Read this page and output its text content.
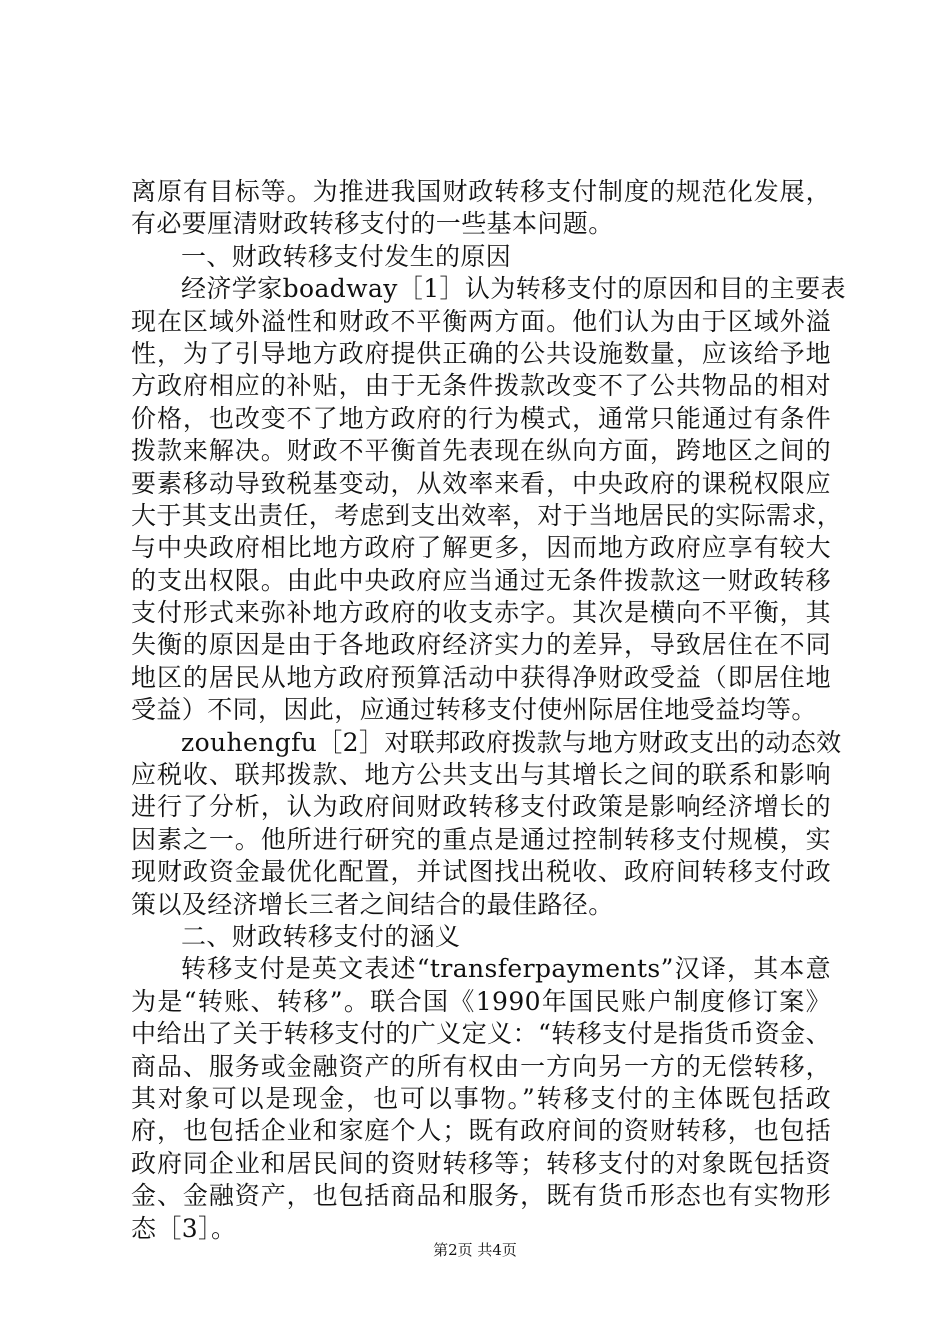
离原有目标等。为推进我国财政转移支付制度的规范化发展，
有必要厘清财政转移支付的一些基本问题。
一、财政转移支付发生的原因
经济学家boadway［1］认为转移支付的原因和目的主要表
现在区域外溢性和财政不平衡两方面。他们认为由于区域外溢
性，为了引导地方政府提供正确的公共设施数量，应该给予地
方政府相应的补贴，由于无条件拨款改变不了公共物品的相对
价格，也改变不了地方政府的行为模式，通常只能通过有条件
拨款来解决。财政不平衡首先表现在纵向方面，跨地区之间的
要素移动导致税基变动，从效率来看，中央政府的课税权限应
大于其支出责任，考虑到支出效率，对于当地居民的实际需求，
与中央政府相比地方政府了解更多，因而地方政府应享有较大
的支出权限。由此中央政府应当通过无条件拨款这一财政转移
支付形式来弥补地方政府的收支赤字。其次是横向不平衡，其
失衡的原因是由于各地政府经济实力的差异，导致居住在不同
地区的居民从地方政府预算活动中获得净财政受益（即居住地
受益）不同，因此，应通过转移支付使州际居住地受益均等。
zouhengfu［2］对联邦政府拨款与地方财政支出的动态效
应税收、联邦拨款、地方公共支出与其增长之间的联系和影响
进行了分析，认为政府间财政转移支付政策是影响经济增长的
因素之一。他所进行研究的重点是通过控制转移支付规模，实
现财政资金最优化配置，并试图找出税收、政府间转移支付政
策以及经济增长三者之间结合的最佳路径。
二、财政转移支付的涵义
转移支付是英文表述“transferpayments”汉译，其本意
为是“转账、转移”。联合国《1990年国民账户制度修订案》
中给出了关于转移支付的广义定义：“转移支付是指货币资金、
商品、服务或金融资产的所有权由一方向另一方的无偿转移，
其对象可以是现金，也可以事物。”转移支付的主体既包括政
府，也包括企业和家庭个人；既有政府间的资财转移，也包括
政府同企业和居民间的资财转移等；转移支付的对象既包括资
金、金融资产，也包括商品和服务，既有货币形态也有实物形
态［3］。
第2页 共4页
